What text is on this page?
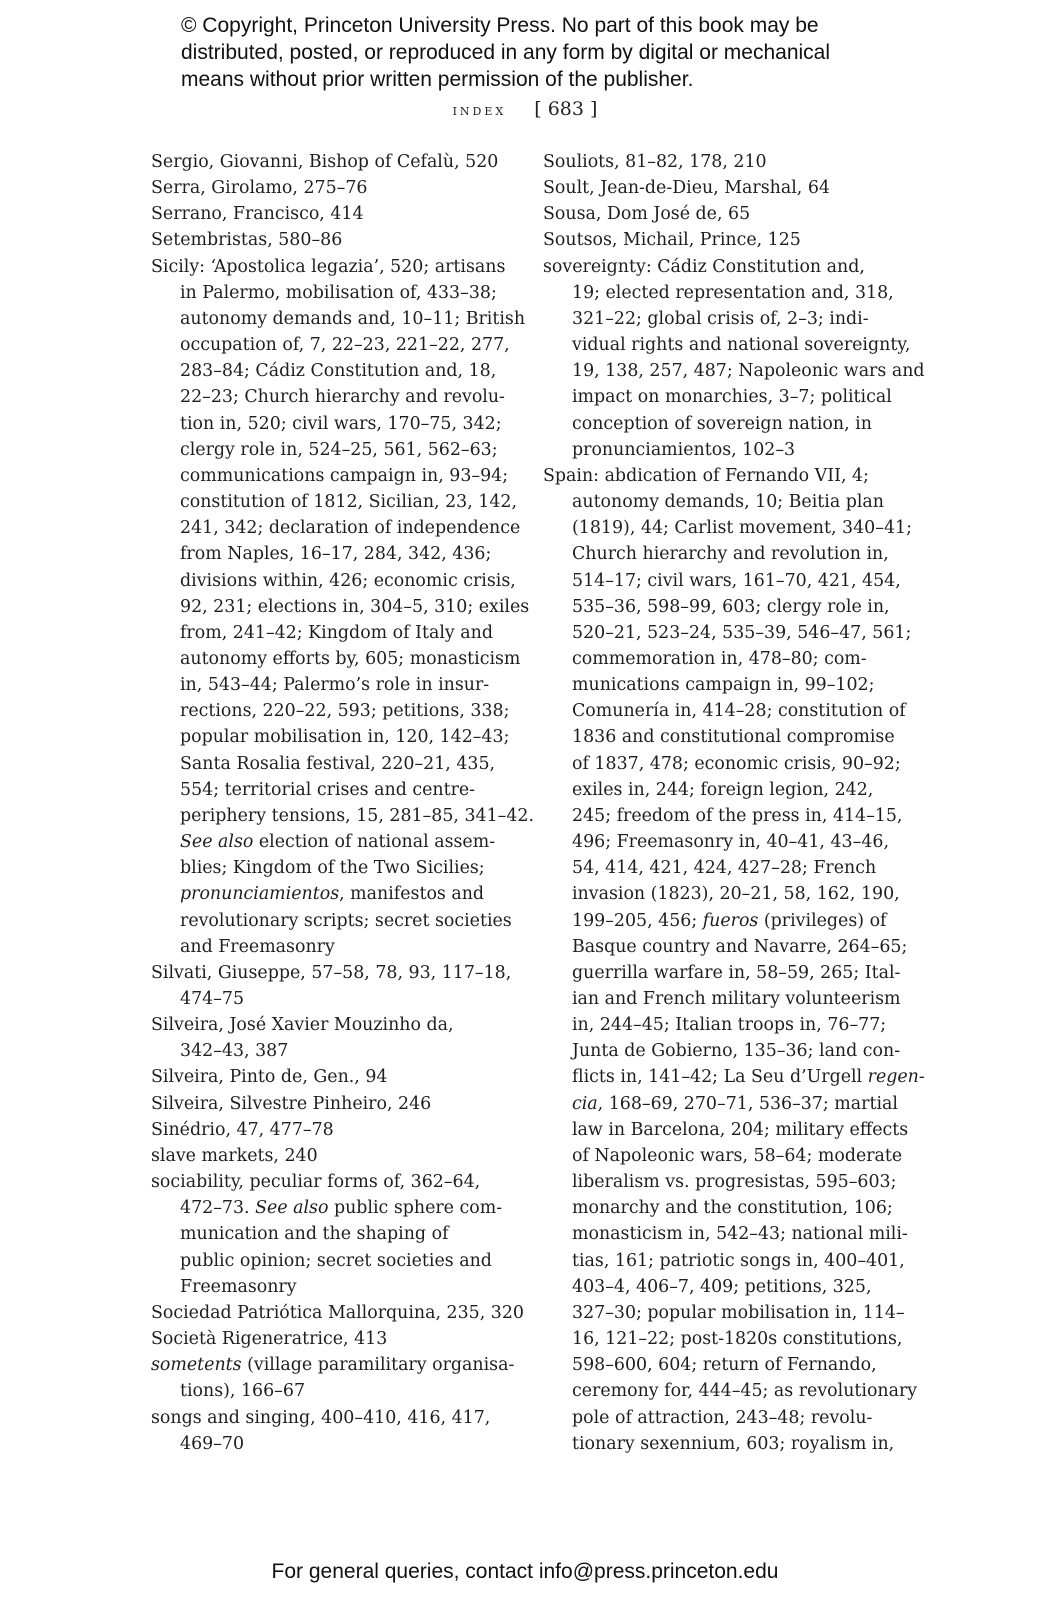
© Copyright, Princeton University Press. No part of this book may be
distributed, posted, or reproduced in any form by digital or mechanical
means without prior written permission of the publisher.
index [ 683 ]
Sergio, Giovanni, Bishop of Cefalù, 520
Serra, Girolamo, 275–76
Serrano, Francisco, 414
Setembristas, 580–86
Sicily: ‘Apostolica legazia’, 520; artisans
in Palermo, mobilisation of, 433–38;
autonomy demands and, 10–11; British
occupation of, 7, 22–23, 221–22, 277,
283–84; Cádiz Constitution and, 18,
22–23; Church hierarchy and revolu-
tion in, 520; civil wars, 170–75, 342;
clergy role in, 524–25, 561, 562–63;
communications campaign in, 93–94;
constitution of 1812, Sicilian, 23, 142,
241, 342; declaration of independence
from Naples, 16–17, 284, 342, 436;
divisions within, 426; economic crisis,
92, 231; elections in, 304–5, 310; exiles
from, 241–42; Kingdom of Italy and
autonomy efforts by, 605; monasticism
in, 543–44; Palermo’s role in insur-
rections, 220–22, 593; petitions, 338;
popular mobilisation in, 120, 142–43;
Santa Rosalia festival, 220–21, 435,
554; territorial crises and centre-
periphery tensions, 15, 281–85, 341–42.
See also election of national assem-
blies; Kingdom of the Two Sicilies;
pronunciamientos, manifestos and
revolutionary scripts; secret societies
and Freemasonry
Silvati, Giuseppe, 57–58, 78, 93, 117–18,
474–75
Silveira, José Xavier Mouzinho da,
342–43, 387
Silveira, Pinto de, Gen., 94
Silveira, Silvestre Pinheiro, 246
Sinédrio, 47, 477–78
slave markets, 240
sociability, peculiar forms of, 362–64,
472–73. See also public sphere com-
munication and the shaping of
public opinion; secret societies and
Freemasonry
Sociedad Patriótica Mallorquina, 235, 320
Società Rigeneratrice, 413
sometents (village paramilitary organisa-
tions), 166–67
songs and singing, 400–410, 416, 417,
469–70
Souliots, 81–82, 178, 210
Soult, Jean-de-Dieu, Marshal, 64
Sousa, Dom José de, 65
Soutsos, Michail, Prince, 125
sovereignty: Cádiz Constitution and,
19; elected representation and, 318,
321–22; global crisis of, 2–3; indi-
vidual rights and national sovereignty,
19, 138, 257, 487; Napoleonic wars and
impact on monarchies, 3–7; political
conception of sovereign nation, in
pronunciamientos, 102–3
Spain: abdication of Fernando VII, 4;
autonomy demands, 10; Beitia plan
(1819), 44; Carlist movement, 340–41;
Church hierarchy and revolution in,
514–17; civil wars, 161–70, 421, 454,
535–36, 598–99, 603; clergy role in,
520–21, 523–24, 535–39, 546–47, 561;
commemoration in, 478–80; com-
munications campaign in, 99–102;
Comunería in, 414–28; constitution of
1836 and constitutional compromise
of 1837, 478; economic crisis, 90–92;
exiles in, 244; foreign legion, 242,
245; freedom of the press in, 414–15,
496; Freemasonry in, 40–41, 43–46,
54, 414, 421, 424, 427–28; French
invasion (1823), 20–21, 58, 162, 190,
199–205, 456; fueros (privileges) of
Basque country and Navarre, 264–65;
guerrilla warfare in, 58–59, 265; Ital-
ian and French military volunteerism
in, 244–45; Italian troops in, 76–77;
Junta de Gobierno, 135–36; land con-
flicts in, 141–42; La Seu d’Urgell regen-
cia, 168–69, 270–71, 536–37; martial
law in Barcelona, 204; military effects
of Napoleonic wars, 58–64; moderate
liberalism vs. progresistas, 595–603;
monarchy and the constitution, 106;
monasticism in, 542–43; national mili-
tias, 161; patriotic songs in, 400–401,
403–4, 406–7, 409; petitions, 325,
327–30; popular mobilisation in, 114–
16, 121–22; post-1820s constitutions,
598–600, 604; return of Fernando,
ceremony for, 444–45; as revolutionary
pole of attraction, 243–48; revolu-
tionary sexennium, 603; royalism in,
For general queries, contact info@press.princeton.edu
